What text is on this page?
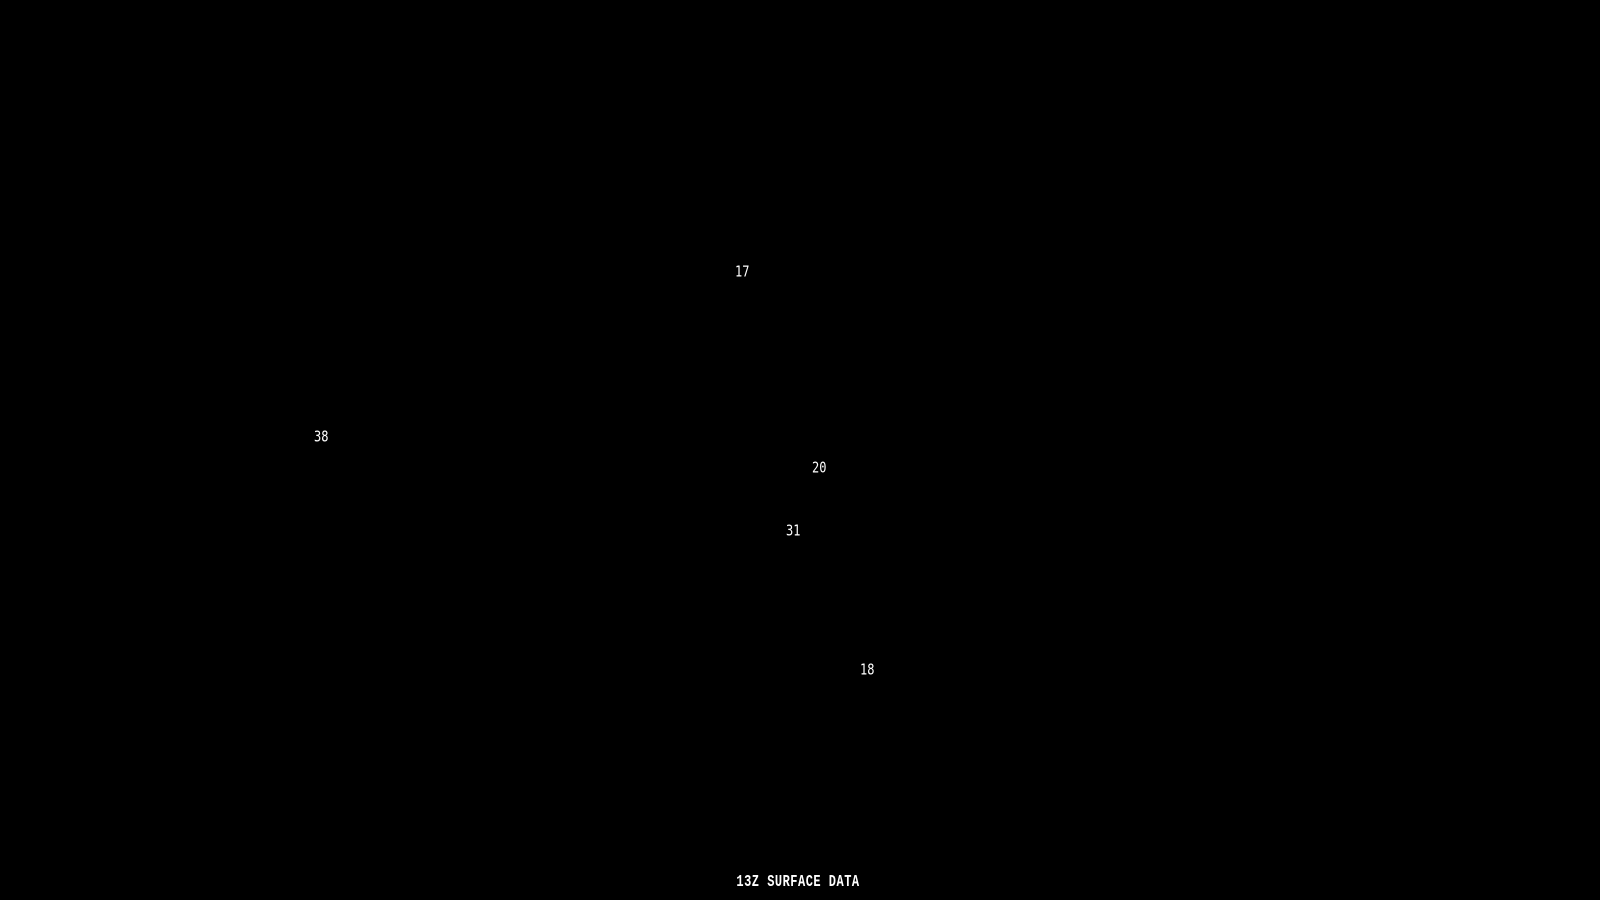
17
38
20
31
18
13Z SURFACE DATA
